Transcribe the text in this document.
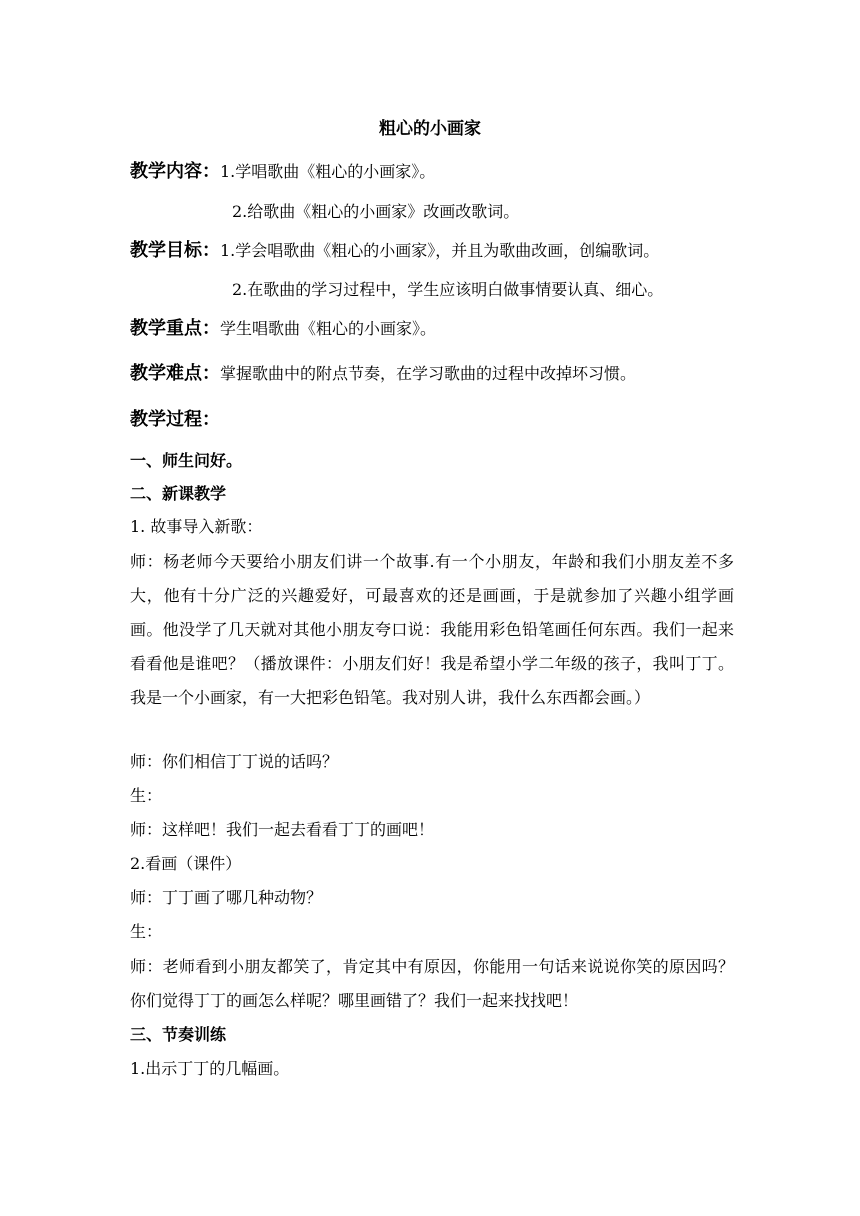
粗心的小画家
教学内容：1.学唱歌曲《粗心的小画家》。
2.给歌曲《粗心的小画家》改画改歌词。
教学目标：1.学会唱歌曲《粗心的小画家》，并且为歌曲改画，创编歌词。
2.在歌曲的学习过程中，学生应该明白做事情要认真、细心。
教学重点：学生唱歌曲《粗心的小画家》。
教学难点：掌握歌曲中的附点节奏，在学习歌曲的过程中改掉坏习惯。
教学过程：
一、师生问好。
二、新课教学
1. 故事导入新歌：
师：杨老师今天要给小朋友们讲一个故事.有一个小朋友，年龄和我们小朋友差不多大，他有十分广泛的兴趣爱好，可最喜欢的还是画画，于是就参加了兴趣小组学画画。他没学了几天就对其他小朋友夸口说：我能用彩色铅笔画任何东西。我们一起来看看他是谁吧？（播放课件：小朋友们好！我是希望小学二年级的孩子，我叫丁丁。我是一个小画家，有一大把彩色铅笔。我对别人讲，我什么东西都会画。）
师：你们相信丁丁说的话吗？
生：
师：这样吧！我们一起去看看丁丁的画吧！
2.看画（课件）
师：丁丁画了哪几种动物？
生：
师：老师看到小朋友都笑了，肯定其中有原因，你能用一句话来说说你笑的原因吗？你们觉得丁丁的画怎么样呢？哪里画错了？我们一起来找找吧！
三、节奏训练
1.出示丁丁的几幅画。
